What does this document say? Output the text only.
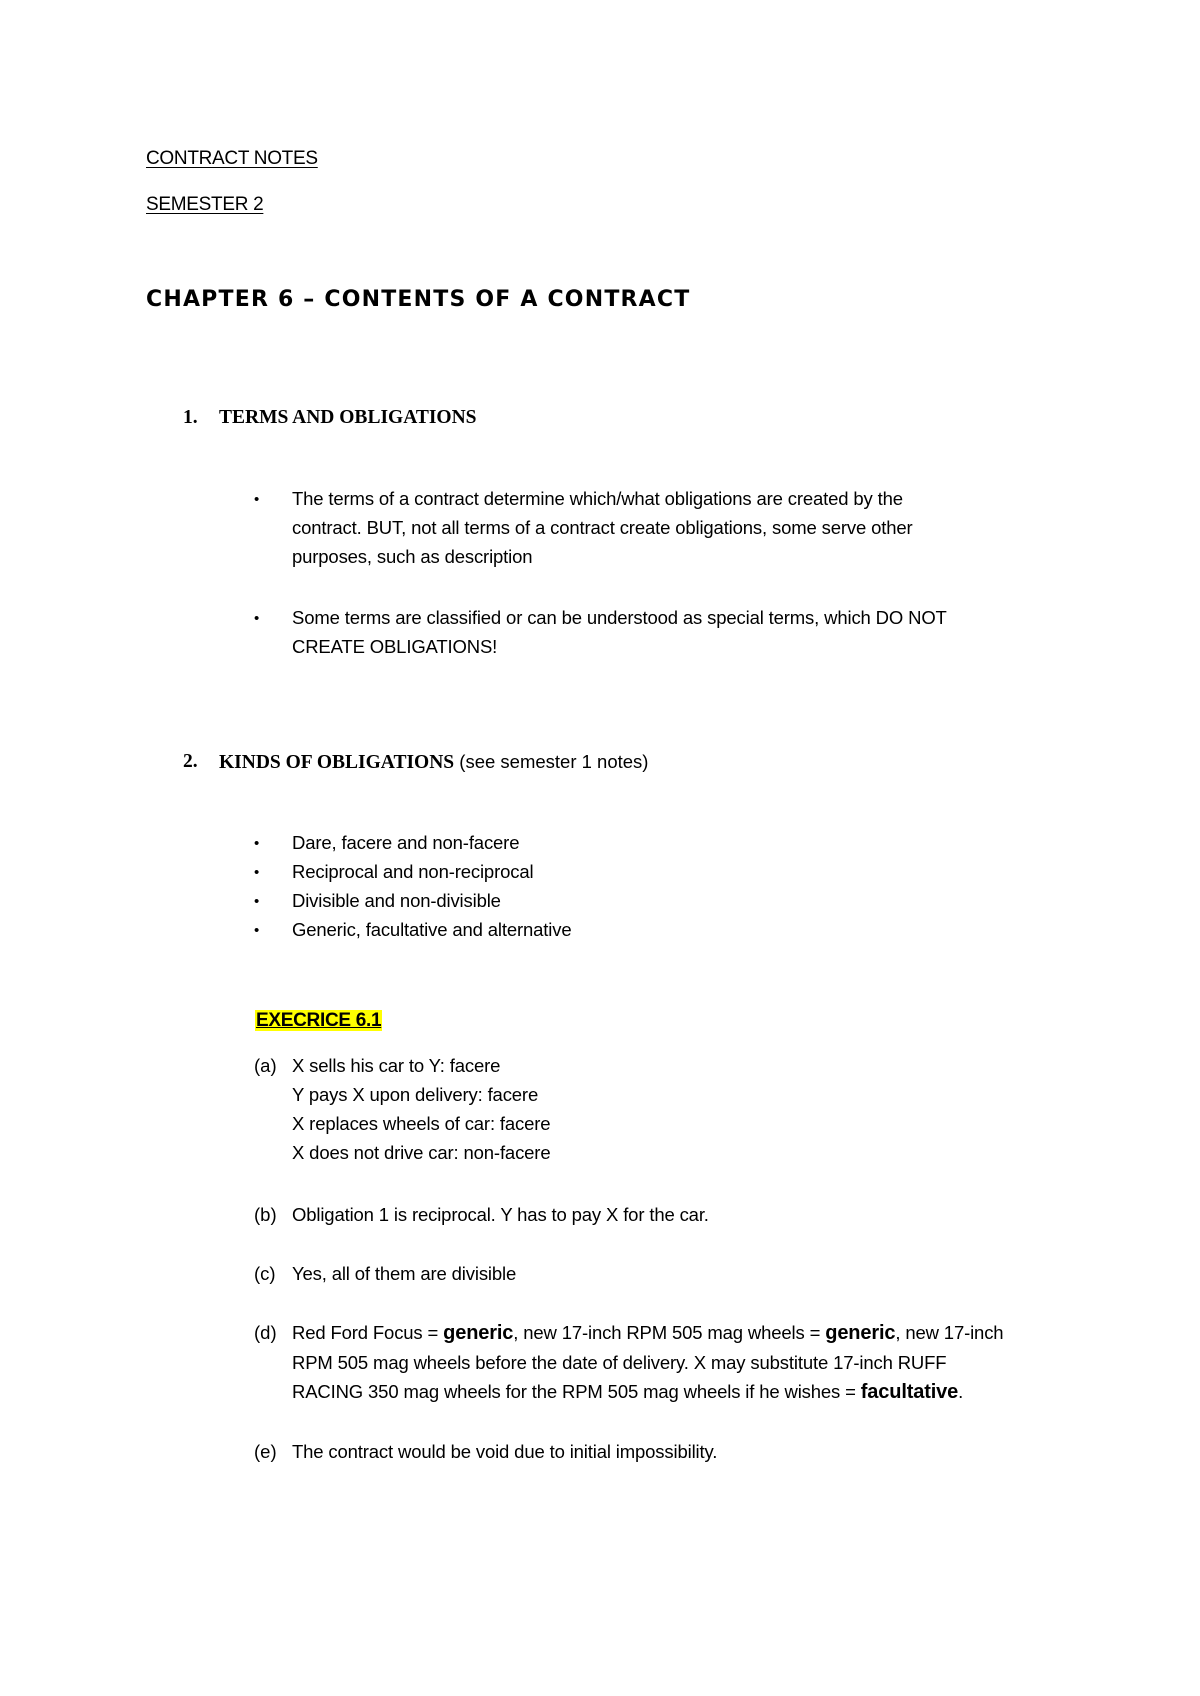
CONTRACT NOTES
SEMESTER 2
CHAPTER 6 – CONTENTS OF A CONTRACT
1. TERMS AND OBLIGATIONS
• The terms of a contract determine which/what obligations are created by the
contract. BUT, not all terms of a contract create obligations, some serve other
purposes, such as description
• Some terms are classified or can be understood as special terms, which DO NOT
CREATE OBLIGATIONS!
2. KINDS OF OBLIGATIONS (see semester 1 notes)
•
•
•
•
Dare, facere and non-facere
Reciprocal and non-reciprocal
Divisible and non-divisible
Generic, facultative and alternative
EXECRICE 6.1
(a) X sells his car to Y: facere
Y pays X upon delivery: facere
X replaces wheels of car: facere
X does not drive car: non-facere
(b) Obligation 1 is reciprocal. Y has to pay X for the car.
(c) Yes, all of them are divisible
(d) Red Ford Focus = generic, new 17-inch RPM 505 mag wheels = generic, new 17-inch
RPM 505 mag wheels before the date of delivery. X may substitute 17-inch RUFF
RACING 350 mag wheels for the RPM 505 mag wheels if he wishes = facultative.
(e) The contract would be void due to initial impossibility.
